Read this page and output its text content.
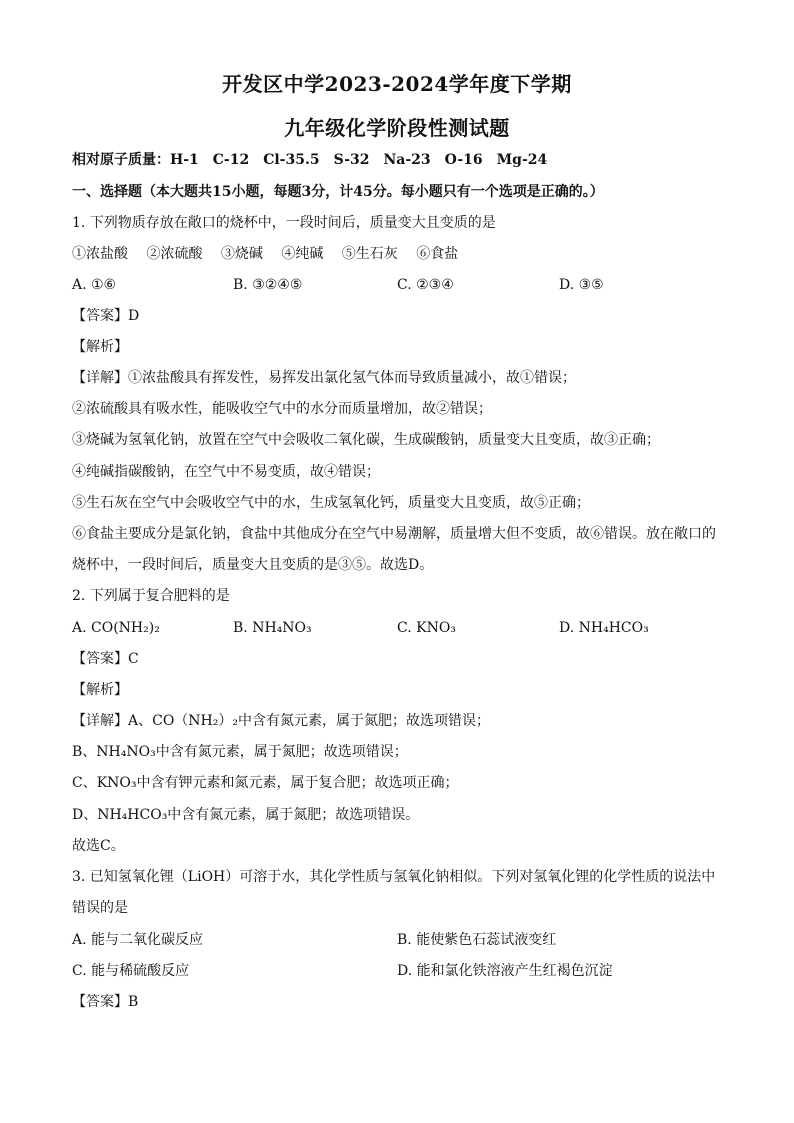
开发区中学2023-2024学年度下学期
九年级化学阶段性测试题
相对原子质量：H-1　C-12　Cl-35.5　S-32　Na-23　O-16　Mg-24
一、选择题（本大题共15小题，每题3分，计45分。每小题只有一个选项是正确的。）
1. 下列物质存放在敞口的烧杯中，一段时间后，质量变大且变质的是
①浓盐酸　 ②浓硫酸　 ③烧碱　 ④纯碱　 ⑤生石灰　 ⑥食盐
A. ①⑥	B. ③②④⑤	C. ②③④	D. ③⑤
【答案】D
【解析】
【详解】①浓盐酸具有挥发性，易挥发出氯化氢气体而导致质量减小，故①错误；
②浓硫酸具有吸水性，能吸收空气中的水分而质量增加，故②错误；
③烧碱为氢氧化钠，放置在空气中会吸收二氧化碳，生成碳酸钠，质量变大且变质，故③正确；
④纯碱指碳酸钠，在空气中不易变质，故④错误；
⑤生石灰在空气中会吸收空气中的水，生成氢氧化钙，质量变大且变质，故⑤正确；
⑥食盐主要成分是氯化钠，食盐中其他成分在空气中易潮解，质量增大但不变质，故⑥错误。放在敞口的
烧杯中，一段时间后，质量变大且变质的是③⑤。故选D。
2. 下列属于复合肥料的是
A. CO(NH₂)₂	B. NH₄NO₃	C. KNO₃	D. NH₄HCO₃
【答案】C
【解析】
【详解】A、CO（NH₂）₂中含有氮元素，属于氮肥；故选项错误；
B、NH₄NO₃中含有氮元素，属于氮肥；故选项错误；
C、KNO₃中含有钾元素和氮元素，属于复合肥；故选项正确；
D、NH₄HCO₃中含有氮元素，属于氮肥；故选项错误。
故选C。
3. 已知氢氧化锂（LiOH）可溶于水，其化学性质与氢氧化钠相似。下列对氢氧化锂的化学性质的说法中
错误的是
A. 能与二氧化碳反应	B. 能使紫色石蕊试液变红
C. 能与稀硫酸反应	D. 能和氯化铁溶液产生红褐色沉淀
【答案】B
